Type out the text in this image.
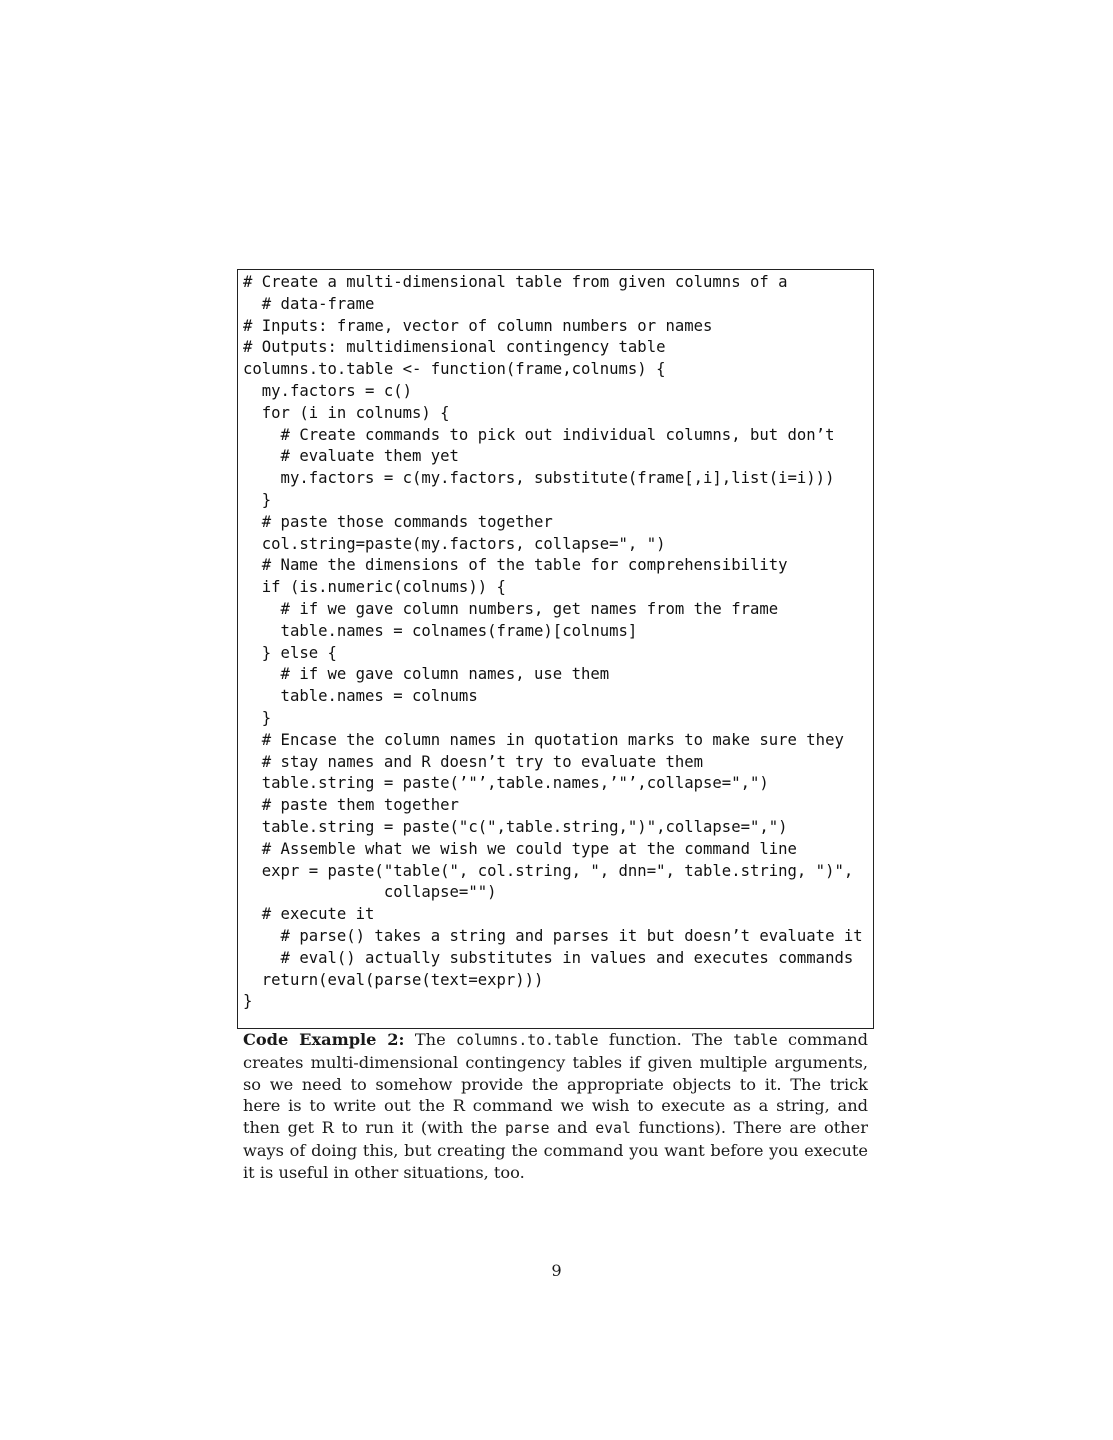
# Create a multi-dimensional table from given columns of a
# data-frame
# Inputs: frame, vector of column numbers or names
# Outputs: multidimensional contingency table
columns.to.table <- function(frame,colnums) {
my.factors = c()
for (i in colnums) {
# Create commands to pick out individual columns, but don’t
# evaluate them yet
my.factors = c(my.factors, substitute(frame[,i],list(i=i)))
}
# paste those commands together
col.string=paste(my.factors, collapse=", ")
# Name the dimensions of the table for comprehensibility
if (is.numeric(colnums)) {
# if we gave column numbers, get names from the frame
table.names = colnames(frame)[colnums]
} else {
# if we gave column names, use them
table.names = colnums
}
# Encase the column names in quotation marks to make sure they
# stay names and R doesn’t try to evaluate them
table.string = paste(’"’,table.names,’"’,collapse=",")
# paste them together
table.string = paste("c(",table.string,")",collapse=",")
# Assemble what we wish we could type at the command line
expr = paste("table(", col.string, ", dnn=", table.string, ")",
collapse="")
# execute it
# parse() takes a string and parses it but doesn’t evaluate it
# eval() actually substitutes in values and executes commands
return(eval(parse(text=expr)))
}

Code Example 2: The columns.to.table function. The table command creates multi-dimensional contingency tables if given multiple arguments, so we need to somehow provide the appropriate objects to it. The trick here is to write out the R command we wish to execute as a string, and then get R to run it (with the parse and eval functions). There are other ways of doing this, but creating the command you want before you execute it is useful in other situations, too.

9
